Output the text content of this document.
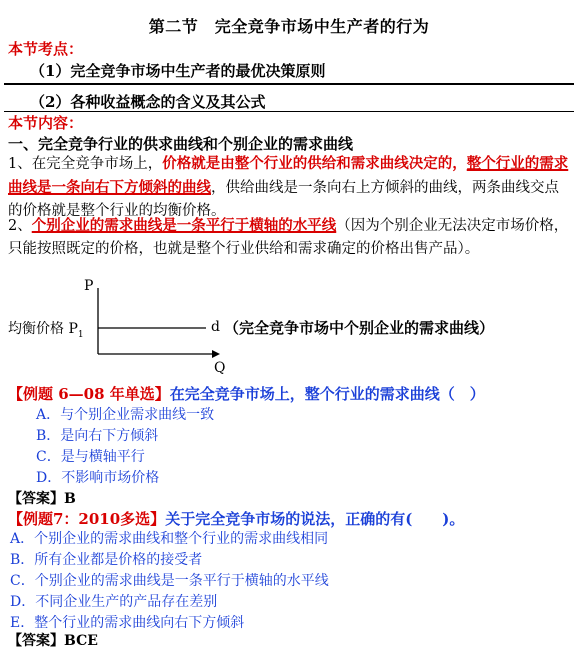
第二节　完全竞争市场中生产者的行为
本节考点：
（1）完全竞争市场中生产者的最优决策原则
（2）各种收益概念的含义及其公式
本节内容：
一、完全竞争行业的供求曲线和个别企业的需求曲线
1、在完全竞争市场上，价格就是由整个行业的供给和需求曲线决定的，整个行业的需求曲线是一条向右下方倾斜的曲线，供给曲线是一条向右上方倾斜的曲线，两条曲线交点的价格就是整个行业的均衡价格。
2、个别企业的需求曲线是一条平行于横轴的水平线（因为个别企业无法决定市场价格，只能按照既定的价格，也就是整个行业供给和需求确定的价格出售产品）。
P
Q
均衡价格 $P_1$	d （完全竞争市场中个别企业的需求曲线）
【例题 6—08 年单选】在完全竞争市场上，整个行业的需求曲线（　）
A．与个别企业需求曲线一致
B．是向右下方倾斜
C．是与横轴平行
D．不影响市场价格
【答案】B
【例题7：2010多选】关于完全竞争市场的说法，正确的有(　　)。
A．个别企业的需求曲线和整个行业的需求曲线相同
B．所有企业都是价格的接受者
C．个别企业的需求曲线是一条平行于横轴的水平线
D．不同企业生产的产品存在差别
E．整个行业的需求曲线向右下方倾斜
【答案】BCE
